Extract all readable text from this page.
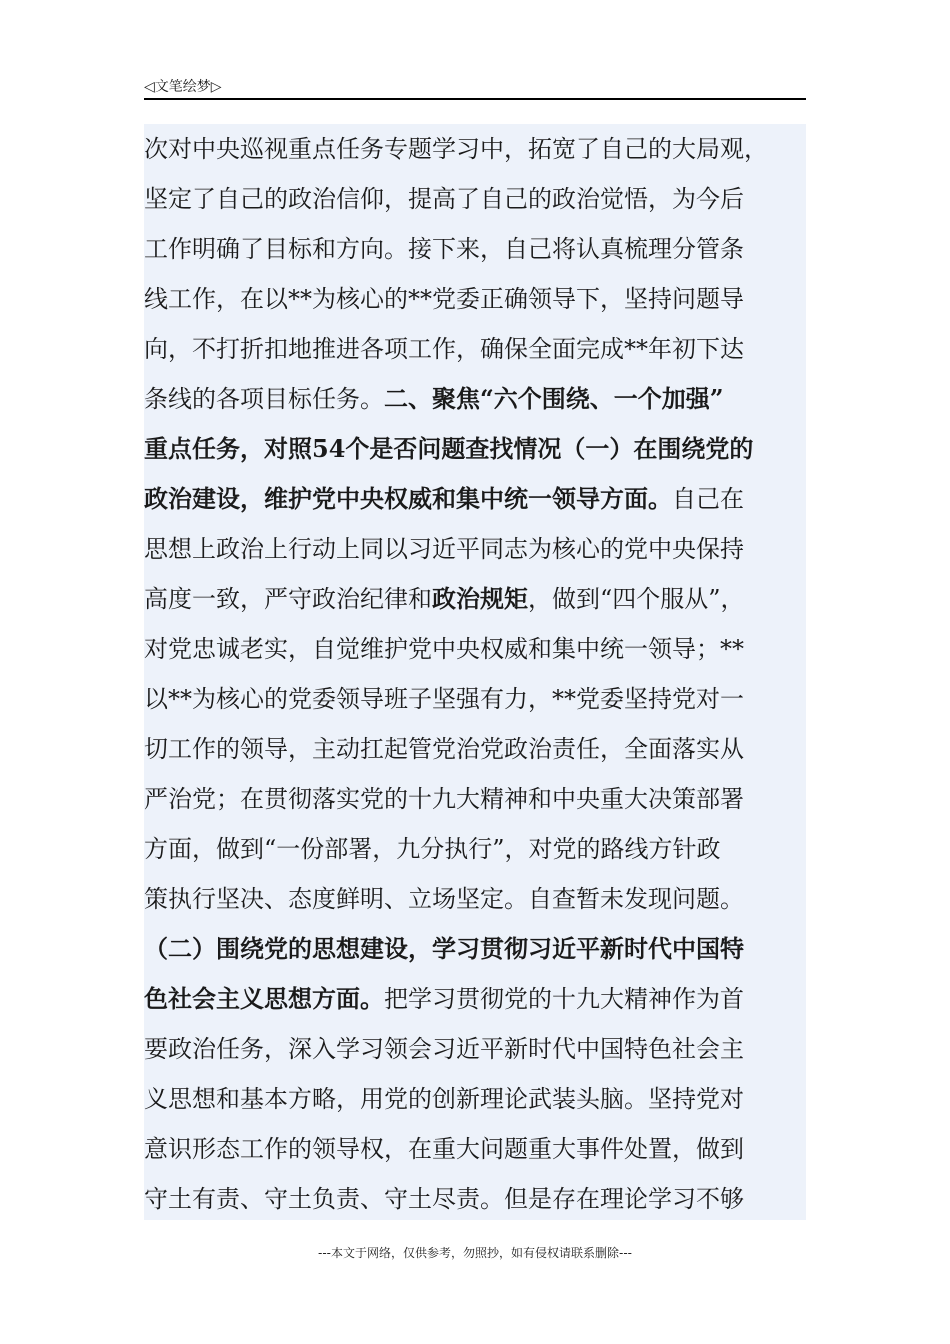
◁文笔绘梦▷
次对中央巡视重点任务专题学习中，拓宽了自己的大局观，
坚定了自己的政治信仰，提高了自己的政治觉悟，为今后
工作明确了目标和方向。接下来，自己将认真梳理分管条
线工作，在以**为核心的**党委正确领导下，坚持问题导
向，不打折扣地推进各项工作，确保全面完成**年初下达
条线的各项目标任务。二、聚焦“六个围绕、一个加强”
重点任务，对照54个是否问题查找情况（一）在围绕党的
政治建设，维护党中央权威和集中统一领导方面。自己在
思想上政治上行动上同以习近平同志为核心的党中央保持
高度一致，严守政治纪律和政治规矩，做到“四个服从”，
对党忠诚老实，自觉维护党中央权威和集中统一领导；**
以**为核心的党委领导班子坚强有力，**党委坚持党对一
切工作的领导，主动扛起管党治党政治责任，全面落实从
严治党；在贯彻落实党的十九大精神和中央重大决策部署
方面，做到“一份部署，九分执行”，对党的路线方针政
策执行坚决、态度鲜明、立场坚定。自查暂未发现问题。
（二）围绕党的思想建设，学习贯彻习近平新时代中国特
色社会主义思想方面。把学习贯彻党的十九大精神作为首
要政治任务，深入学习领会习近平新时代中国特色社会主
义思想和基本方略，用党的创新理论武装头脑。坚持党对
意识形态工作的领导权，在重大问题重大事件处置，做到
守土有责、守土负责、守土尽责。但是存在理论学习不够
---本文于网络，仅供参考，勿照抄，如有侵权请联系删除---
